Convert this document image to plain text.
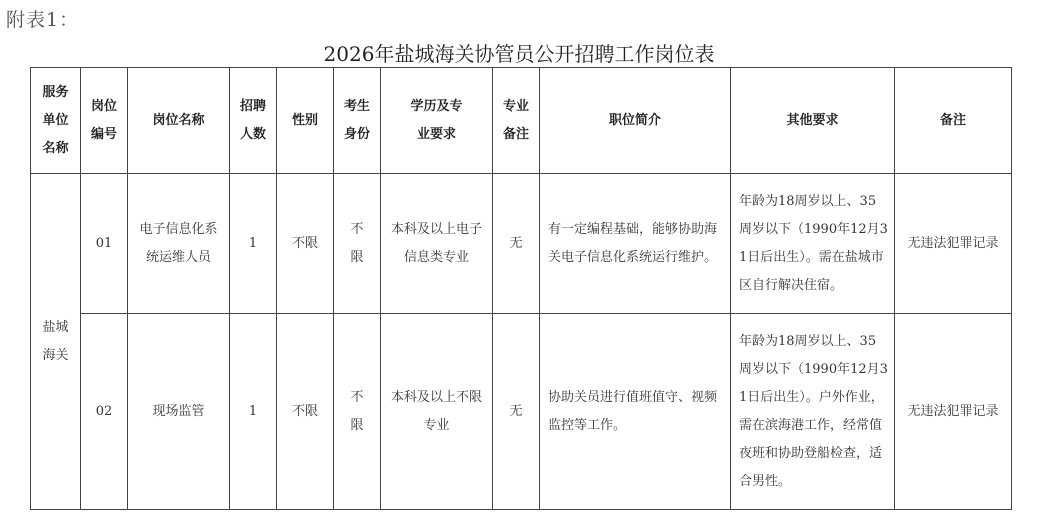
附表1：
2026年盐城海关协管员公开招聘工作岗位表
服务单位名称	岗位编号	岗位名称	招聘人数	性别	考生身份	学历及专业要求	专业备注	职位简介	其他要求	备注
盐城海关	01	电子信息化系统运维人员	1	不限	不限	本科及以上电子信息类专业	无	有一定编程基础，能够协助海关电子信息化系统运行维护。	年龄为18周岁以上、35周岁以下（1990年12月31日后出生）。需在盐城市区自行解决住宿。	无违法犯罪记录
	02	现场监管	1	不限	不限	本科及以上不限专业	无	协助关员进行值班值守、视频监控等工作。	年龄为18周岁以上、35周岁以下（1990年12月31日后出生）。户外作业，需在滨海港工作，经常值夜班和协助登船检查，适合男性。	无违法犯罪记录
